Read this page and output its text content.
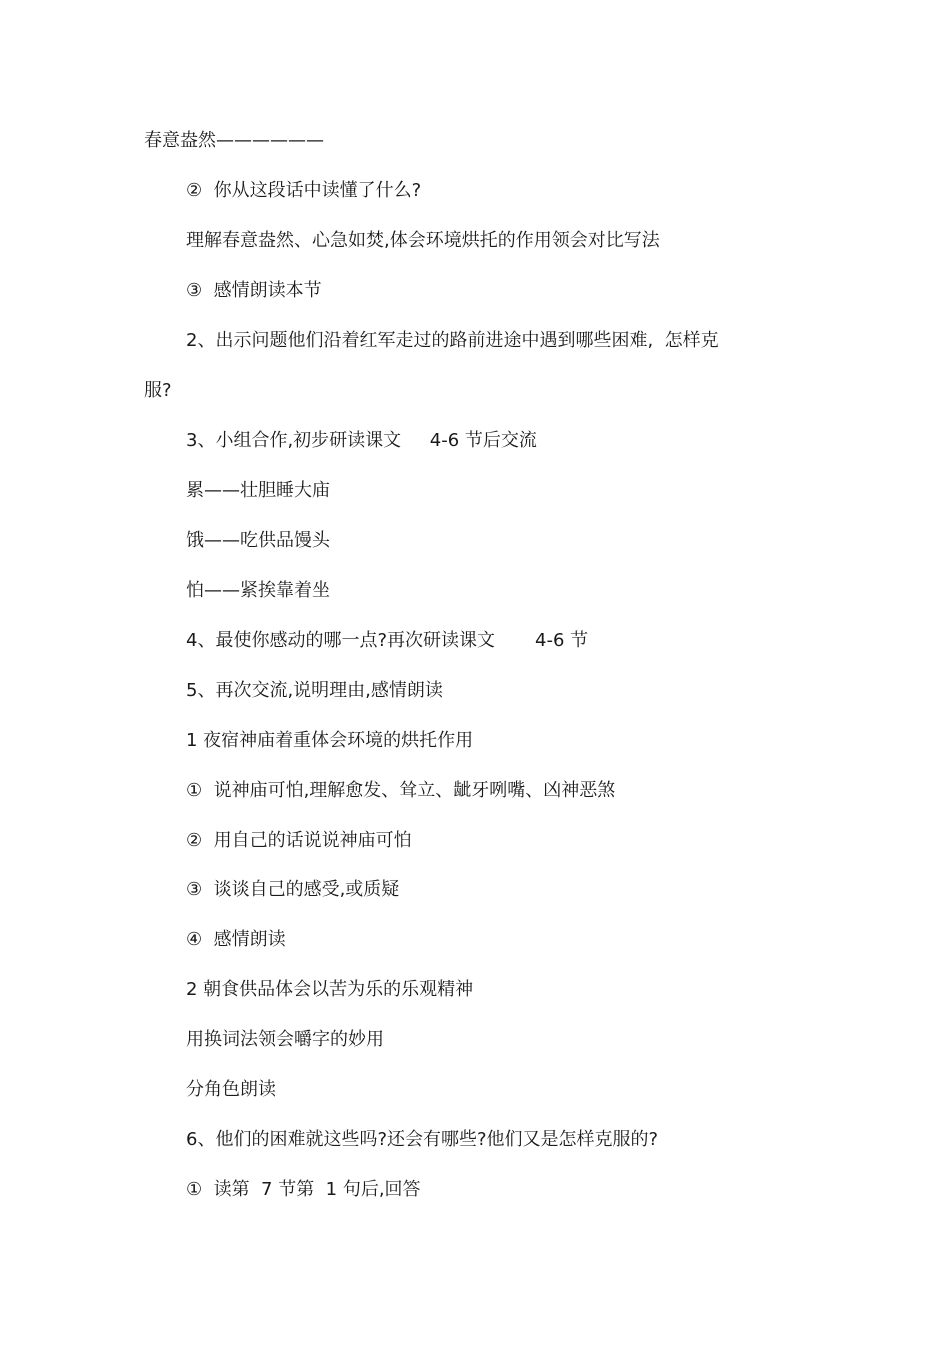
春意盎然——————
②  你从这段话中读懂了什么?
理解春意盎然、心急如焚,体会环境烘托的作用领会对比写法
③  感情朗读本节
2、出示问题他们沿着红军走过的路前进途中遇到哪些困难,  怎样克
服?
3、小组合作,初步研读课文     4-6 节后交流
累——壮胆睡大庙
饿——吃供品馒头
怕——紧挨靠着坐
4、最使你感动的哪一点?再次研读课文       4-6 节
5、再次交流,说明理由,感情朗读
1 夜宿神庙着重体会环境的烘托作用
①  说神庙可怕,理解愈发、耸立、龇牙咧嘴、凶神恶煞
②  用自己的话说说神庙可怕
③  谈谈自己的感受,或质疑
④  感情朗读
2 朝食供品体会以苦为乐的乐观精神
用换词法领会嚼字的妙用
分角色朗读
6、他们的困难就这些吗?还会有哪些?他们又是怎样克服的?
①  读第  7 节第  1 句后,回答
